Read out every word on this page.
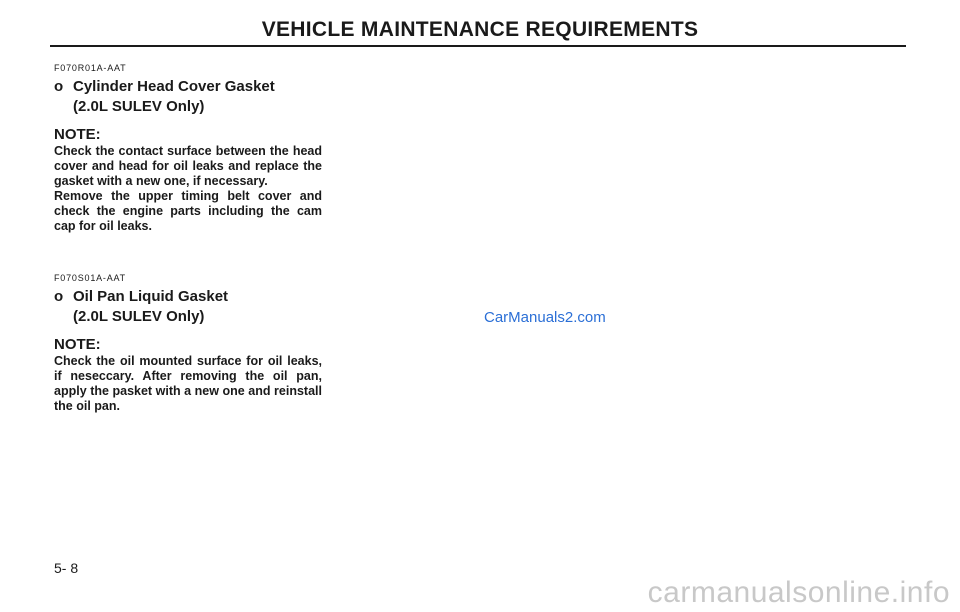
VEHICLE MAINTENANCE REQUIREMENTS
F070R01A-AAT
o Cylinder Head Cover Gasket
(2.0L SULEV Only)
NOTE:

Check the contact surface between the head cover and head for oil leaks and replace the gasket with a new one, if necessary.

Remove the upper timing belt cover and check the engine parts including the cam cap for oil leaks.

F070S01A-AAT
o Oil Pan Liquid Gasket
(2.0L SULEV Only)
NOTE:

Check the oil mounted surface for oil leaks, if neseccary. After removing the oil pan, apply the pasket with a new one and reinstall the oil pan.

CarManuals2.com
5- 8
carmanualsonline.info
